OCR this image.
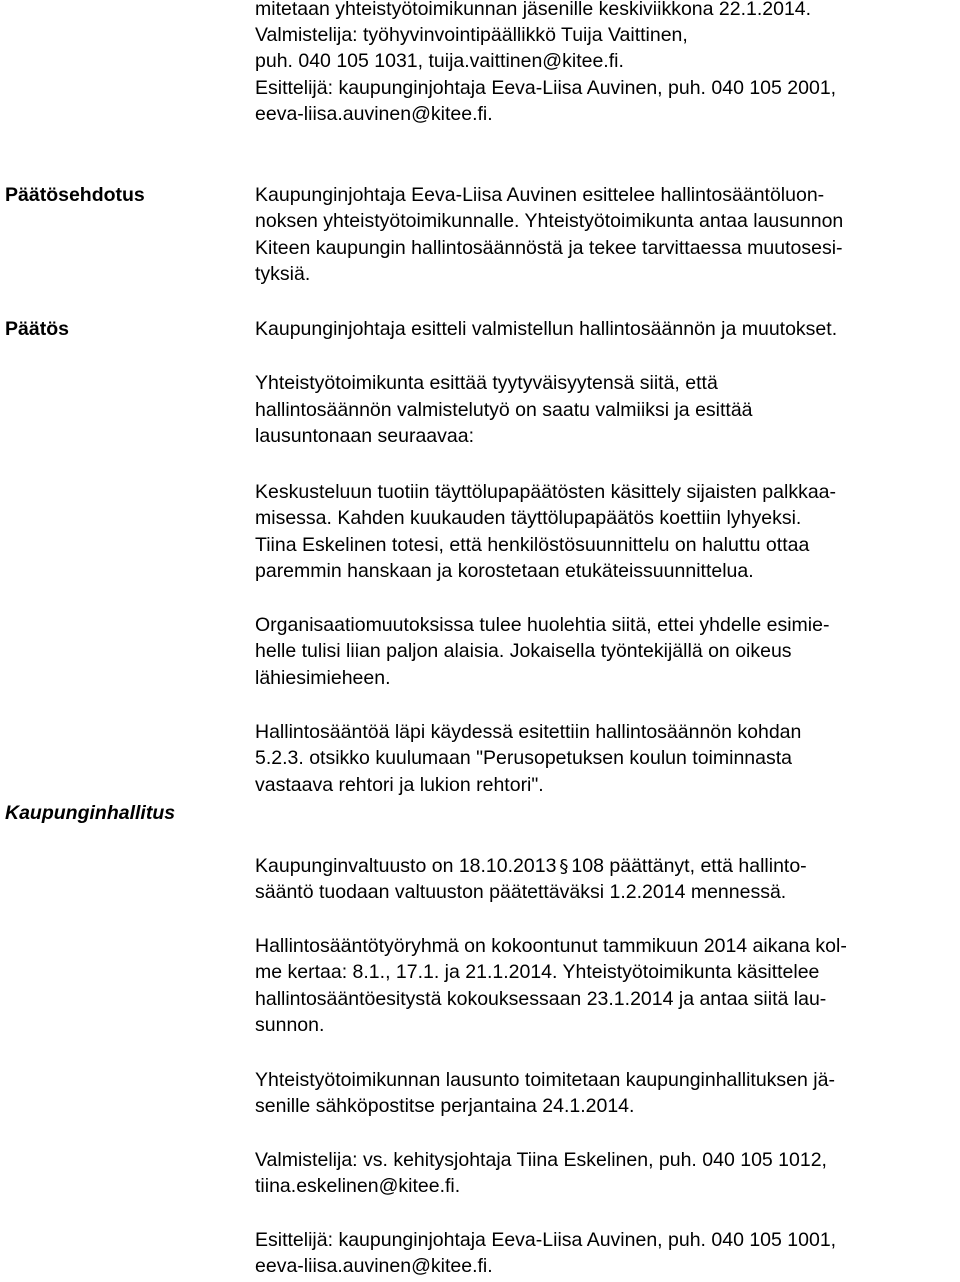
mitetaan yhteistyötoimikunnan jäsenille keskiviikkona 22.1.2014.
Valmistelija: työhyvinvointipäällikkö Tuija Vaittinen,
puh. 040 105 1031, tuija.vaittinen@kitee.fi.
Esittelijä: kaupunginjohtaja Eeva-Liisa Auvinen, puh. 040 105 2001,
eeva-liisa.auvinen@kitee.fi.
Päätösehdotus	Kaupunginjohtaja Eeva-Liisa Auvinen esittelee hallintosääntöluon-
noksen yhteistyötoimikunnalle. Yhteistyötoimikunta antaa lausunnon
Kiteen kaupungin hallintosäännöstä ja tekee tarvittaessa muutosesi-
tyksiä.
Päätös	Kaupunginjohtaja esitteli valmistellun hallintosäännön ja muutokset.
Yhteistyötoimikunta esittää tyytyväisyytensä siitä, että
hallintosäännön valmistelutyö on saatu valmiiksi ja esittää
lausuntonaan seuraavaa:
Keskusteluun tuotiin täyttölupapäätösten käsittely sijaisten palkkaa-
misessa. Kahden kuukauden täyttölupapäätös koettiin lyhyeksi.
Tiina Eskelinen totesi, että henkilöstösuunnittelu on haluttu ottaa
paremmin hanskaan ja korostetaan etukäteissuunnittelua.
Organisaatiomuutoksissa tulee huolehtia siitä, ettei yhdelle esimie-
helle tulisi liian paljon alaisia. Jokaisella työntekijällä on oikeus
lähiesimieheen.
Hallintosääntöä läpi käydessä esitettiin hallintosäännön kohdan
5.2.3. otsikko kuulumaan "Perusopetuksen koulun toiminnasta
vastaava rehtori ja lukion rehtori".
Kaupunginhallitus
Kaupunginvaltuusto on 18.10.2013 § 108 päättänyt, että hallinto-
sääntö tuodaan valtuuston päätettäväksi 1.2.2014 mennessä.
Hallintosääntötyöryhmä on kokoontunut tammikuun 2014 aikana kol-
me kertaa: 8.1., 17.1. ja 21.1.2014. Yhteistyötoimikunta käsittelee
hallintosääntöesitystä kokouksessaan 23.1.2014 ja antaa siitä lau-
sunnon.
Yhteistyötoimikunnan lausunto toimitetaan kaupunginhallituksen jä-
senille sähköpostitse perjantaina 24.1.2014.
Valmistelija: vs. kehitysjohtaja Tiina Eskelinen, puh. 040 105 1012,
tiina.eskelinen@kitee.fi.
Esittelijä: kaupunginjohtaja Eeva-Liisa Auvinen, puh. 040 105 1001,
eeva-liisa.auvinen@kitee.fi.
